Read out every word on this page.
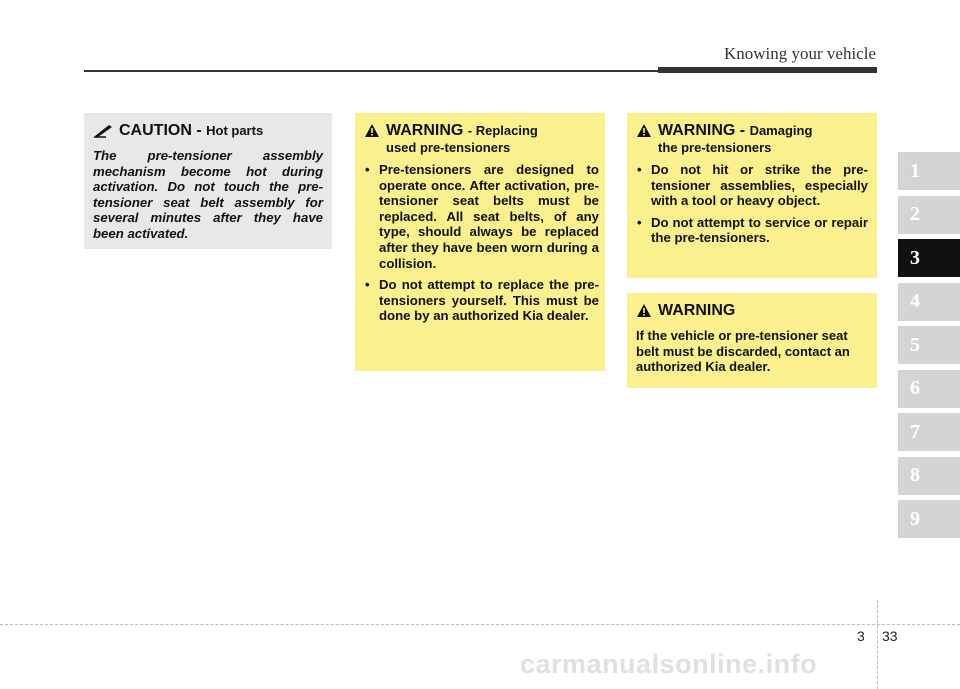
Knowing your vehicle
CAUTION - Hot parts
The pre-tensioner assembly mechanism become hot during activation. Do not touch the pre-tensioner seat belt assembly for several minutes after they have been activated.
WARNING - Replacing
used pre-tensioners
• Pre-tensioners are designed to operate once. After activation, pre-tensioner seat belts must be replaced. All seat belts, of any type, should always be replaced after they have been worn during a collision.
• Do not attempt to replace the pre-tensioners yourself. This must be done by an authorized Kia dealer.
WARNING - Damaging
the pre-tensioners
• Do not hit or strike the pre-tensioner assemblies, especially with a tool or heavy object.
• Do not attempt to service or repair the pre-tensioners.
WARNING
If the vehicle or pre-tensioner seat belt must be discarded, contact an authorized Kia dealer.
1
2
3
4
5
6
7
8
9
3 33
carmanualsonline.info
